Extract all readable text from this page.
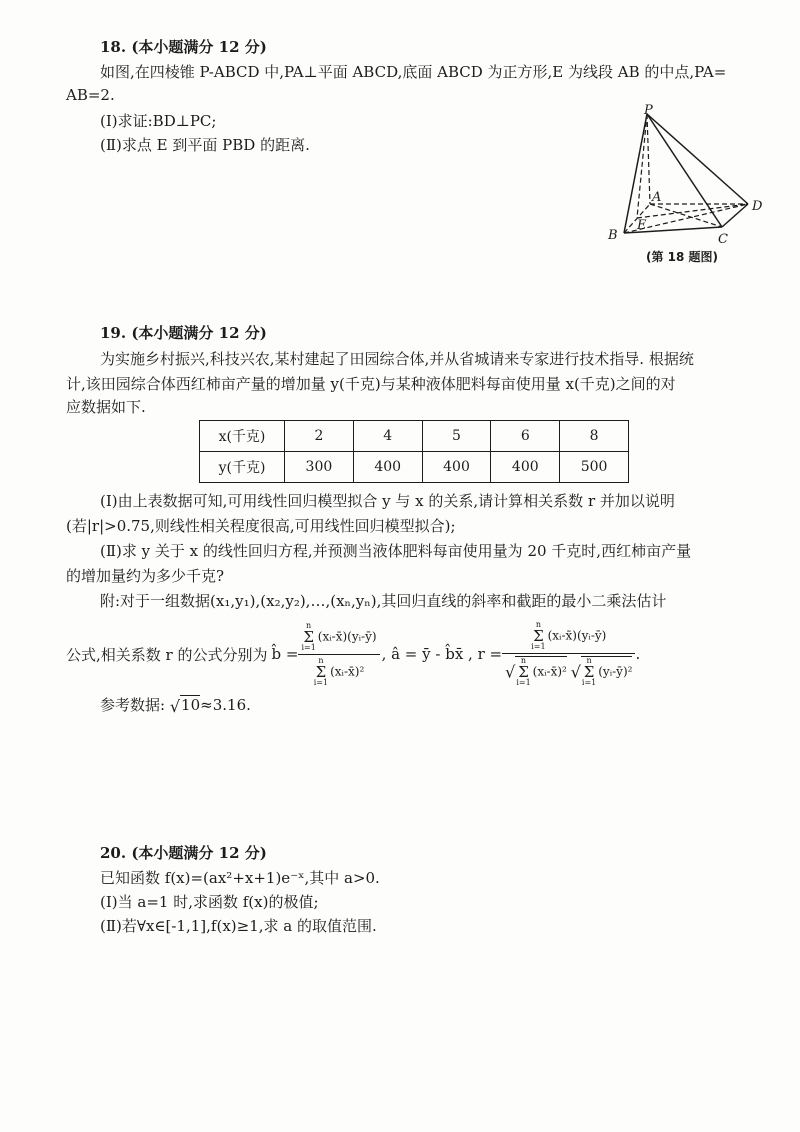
18. (本小题满分 12 分)
如图,在四棱锥 P-ABCD 中,PA⊥平面 ABCD,底面 ABCD 为正方形,E 为线段 AB 的中点,PA=
AB=2.
(Ⅰ)求证:BD⊥PC;
(Ⅱ)求点 E 到平面 PBD 的距离.
P
A
E
B	C
D
(第 18 题图)
19. (本小题满分 12 分)
为实施乡村振兴,科技兴农,某村建起了田园综合体,并从省城请来专家进行技术指导. 根据统
计,该田园综合体西红柿亩产量的增加量 y(千克)与某种液体肥料每亩使用量 x(千克)之间的对
应数据如下.
x(千克)	2	4	5	6	8
y(千克)	300	400	400	400	500
(Ⅰ)由上表数据可知,可用线性回归模型拟合 y 与 x 的关系,请计算相关系数 r 并加以说明
(若|r|>0.75,则线性相关程度很高,可用线性回归模型拟合);
(Ⅱ)求 y 关于 x 的线性回归方程,并预测当液体肥料每亩使用量为 20 千克时,西红柿亩产量
的增加量约为多少千克?
附:对于一组数据(x₁,y₁),(x₂,y₂),…,(xₙ,yₙ),其回归直线的斜率和截距的最小二乘法估计
公式,相关系数 r 的公式分别为 b̂ = n
Σ
i=1(xᵢ-x̄)(yᵢ-ȳ)
n
Σ
i=1(xᵢ-x̄)² , â = ȳ - b̂x̄ , r = n
Σ
i=1(xᵢ-x̄)(yᵢ-ȳ)
√n
Σ
i=1(xᵢ-x̄)² √n
Σ
i=1(yᵢ-ȳ)² .
参考数据: √10≈3.16.
20. (本小题满分 12 分)
已知函数 f(x)=(ax²+x+1)e⁻ˣ,其中 a>0.
(Ⅰ)当 a=1 时,求函数 f(x)的极值;
(Ⅱ)若∀x∈[-1,1],f(x)≥1,求 a 的取值范围.
